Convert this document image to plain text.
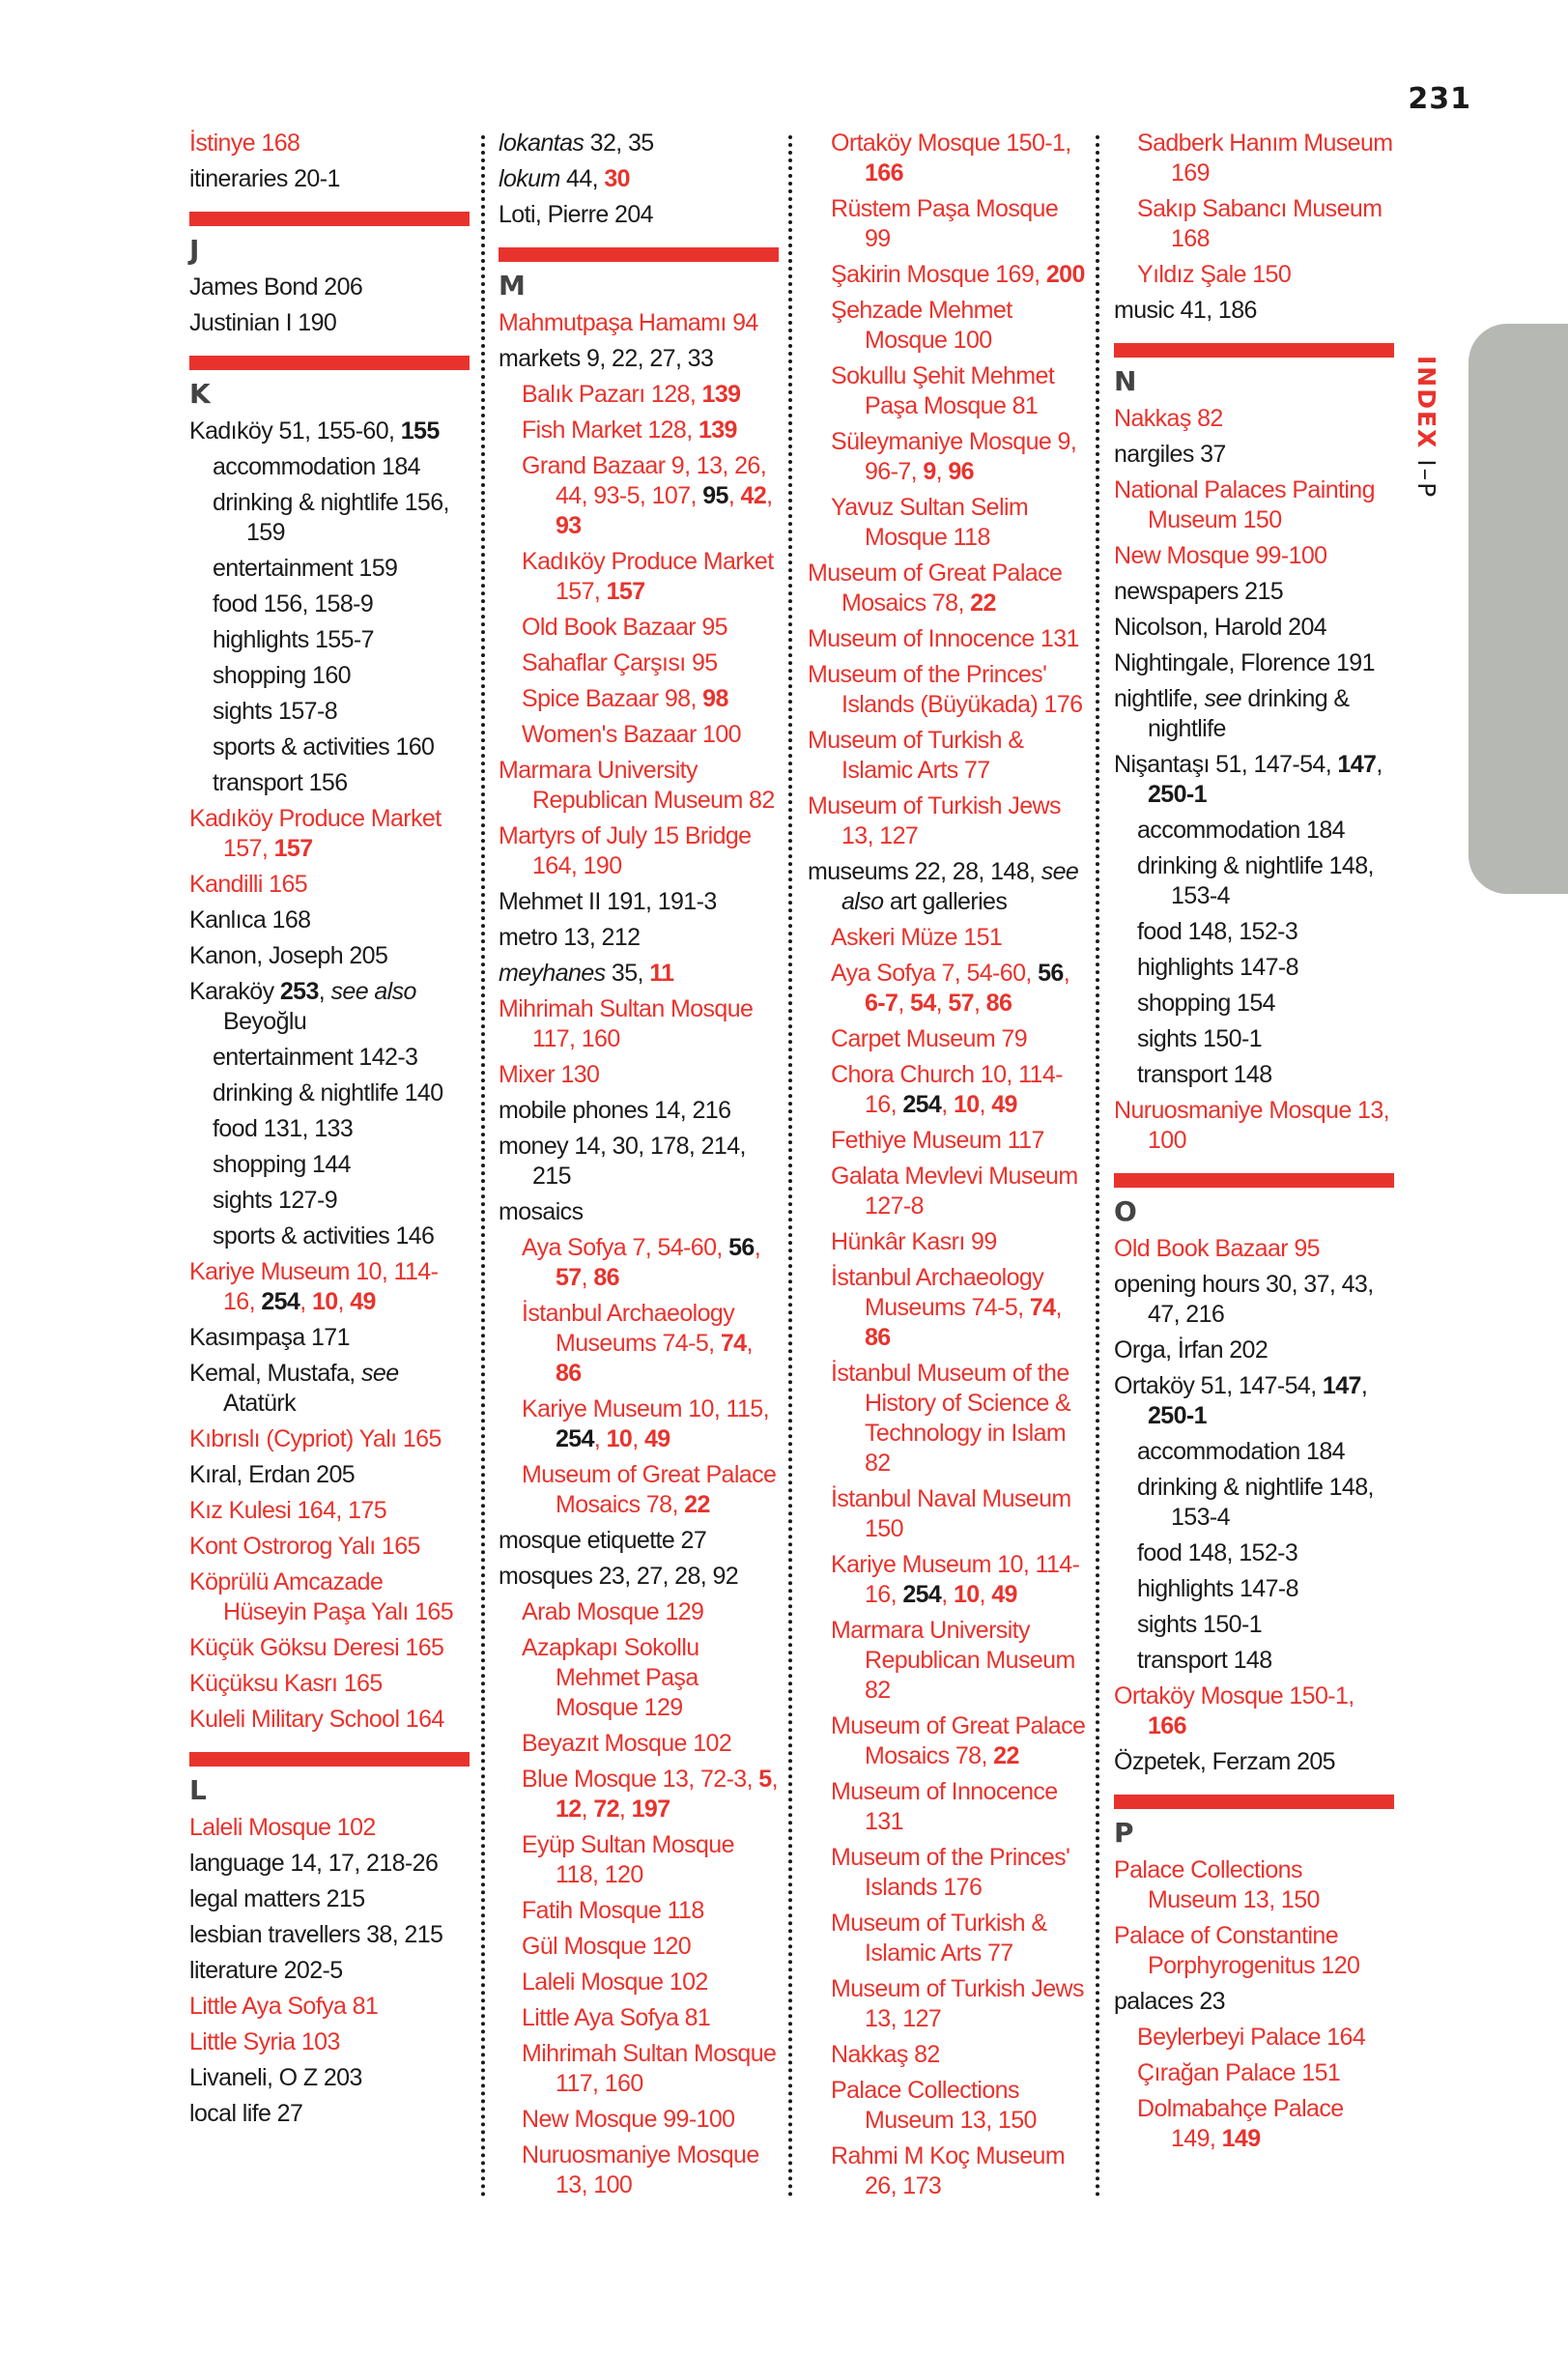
231
INDEX I–P
İstinye 168
itineraries 20-1
J
James Bond 206
Justinian I 190
K
Kadıköy 51, 155-60, 155
accommodation 184
drinking & nightlife 156, 159
entertainment 159
food 156, 158-9
highlights 155-7
shopping 160
sights 157-8
sports & activities 160
transport 156
Kadıköy Produce Market 157, 157
Kandilli 165
Kanlıca 168
Kanon, Joseph 205
Karaköy 253, see also Beyoğlu
entertainment 142-3
drinking & nightlife 140
food 131, 133
shopping 144
sights 127-9
sports & activities 146
Kariye Museum 10, 114-16, 254, 10, 49
Kasımpaşa 171
Kemal, Mustafa, see Atatürk
Kıbrıslı (Cypriot) Yalı 165
Kıral, Erdan 205
Kız Kulesi 164, 175
Kont Ostrorog Yalı 165
Köprülü Amcazade Hüseyin Paşa Yalı 165
Küçük Göksu Deresi 165
Küçüksu Kasrı 165
Kuleli Military School 164
L
Laleli Mosque 102
language 14, 17, 218-26
legal matters 215
lesbian travellers 38, 215
literature 202-5
Little Aya Sofya 81
Little Syria 103
Livaneli, O Z 203
local life 27
lokantas 32, 35
lokum 44, 30
Loti, Pierre 204
M
Mahmutpaşa Hamamı 94
markets 9, 22, 27, 33
Balık Pazarı 128, 139
Fish Market 128, 139
Grand Bazaar 9, 13, 26, 44, 93-5, 107, 95, 42, 93
Kadıköy Produce Market 157, 157
Old Book Bazaar 95
Sahaflar Çarşısı 95
Spice Bazaar 98, 98
Women's Bazaar 100
Marmara University Republican Museum 82
Martyrs of July 15 Bridge 164, 190
Mehmet II 191, 191-3
metro 13, 212
meyhanes 35, 11
Mihrimah Sultan Mosque 117, 160
Mixer 130
mobile phones 14, 216
money 14, 30, 178, 214, 215
mosaics
Aya Sofya 7, 54-60, 56, 57, 86
İstanbul Archaeology Museums 74-5, 74, 86
Kariye Museum 10, 115, 254, 10, 49
Museum of Great Palace Mosaics 78, 22
mosque etiquette 27
mosques 23, 27, 28, 92
Arab Mosque 129
Azapkapı Sokollu Mehmet Paşa Mosque 129
Beyazıt Mosque 102
Blue Mosque 13, 72-3, 5, 12, 72, 197
Eyüp Sultan Mosque 118, 120
Fatih Mosque 118
Gül Mosque 120
Laleli Mosque 102
Little Aya Sofya 81
Mihrimah Sultan Mosque 117, 160
New Mosque 99-100
Nuruosmaniye Mosque 13, 100
Ortaköy Mosque 150-1, 166
Rüstem Paşa Mosque 99
Şakirin Mosque 169, 200
Şehzade Mehmet Mosque 100
Sokullu Şehit Mehmet Paşa Mosque 81
Süleymaniye Mosque 9, 96-7, 9, 96
Yavuz Sultan Selim Mosque 118
Museum of Great Palace Mosaics 78, 22
Museum of Innocence 131
Museum of the Princes' Islands (Büyükada) 176
Museum of Turkish & Islamic Arts 77
Museum of Turkish Jews 13, 127
museums 22, 28, 148, see also art galleries
Askeri Müze 151
Aya Sofya 7, 54-60, 56, 6-7, 54, 57, 86
Carpet Museum 79
Chora Church 10, 114-16, 254, 10, 49
Fethiye Museum 117
Galata Mevlevi Museum 127-8
Hünkâr Kasrı 99
İstanbul Archaeology Museums 74-5, 74, 86
İstanbul Museum of the History of Science & Technology in Islam 82
İstanbul Naval Museum 150
Kariye Museum 10, 114-16, 254, 10, 49
Marmara University Republican Museum 82
Museum of Great Palace Mosaics 78, 22
Museum of Innocence 131
Museum of the Princes' Islands 176
Museum of Turkish & Islamic Arts 77
Museum of Turkish Jews 13, 127
Nakkaş 82
Palace Collections Museum 13, 150
Rahmi M Koç Museum 26, 173
Sadberk Hanım Museum 169
Sakıp Sabancı Museum 168
Yıldız Şale 150
music 41, 186
N
Nakkaş 82
nargiles 37
National Palaces Painting Museum 150
New Mosque 99-100
newspapers 215
Nicolson, Harold 204
Nightingale, Florence 191
nightlife, see drinking & nightlife
Nişantaşı 51, 147-54, 147, 250-1
accommodation 184
drinking & nightlife 148, 153-4
food 148, 152-3
highlights 147-8
shopping 154
sights 150-1
transport 148
Nuruosmaniye Mosque 13, 100
O
Old Book Bazaar 95
opening hours 30, 37, 43, 47, 216
Orga, İrfan 202
Ortaköy 51, 147-54, 147, 250-1
accommodation 184
drinking & nightlife 148, 153-4
food 148, 152-3
highlights 147-8
sights 150-1
transport 148
Ortaköy Mosque 150-1, 166
Özpetek, Ferzam 205
P
Palace Collections Museum 13, 150
Palace of Constantine Porphyrogenitus 120
palaces 23
Beylerbeyi Palace 164
Çırağan Palace 151
Dolmabahçe Palace 149, 149
